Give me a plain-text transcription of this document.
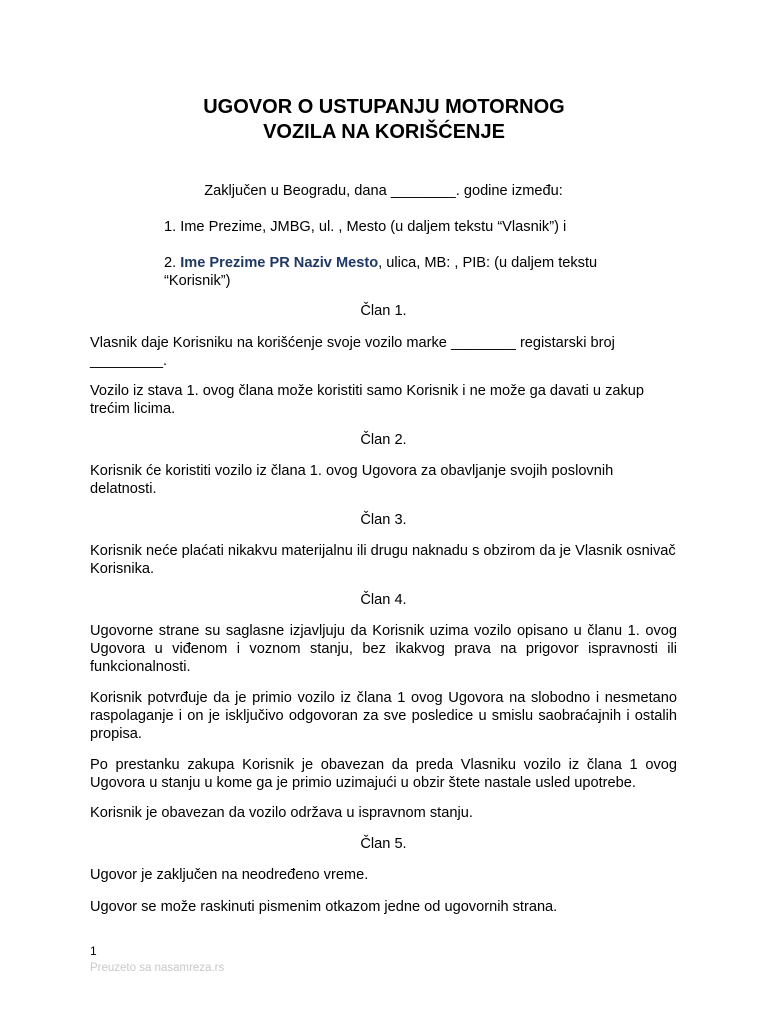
UGOVOR O USTUPANJU MOTORNOG
VOZILA NA KORIŠĆENJE
Zaključen u Beogradu, dana ________. godine između:
1. Ime Prezime, JMBG, ul. , Mesto (u daljem tekstu “Vlasnik”) i
2. Ime Prezime PR Naziv Mesto, ulica, MB: , PIB: (u daljem tekstu “Korisnik”)
Član 1.
Vlasnik daje Korisniku na korišćenje svoje vozilo marke ________ registarski broj _________.
Vozilo iz stava 1. ovog člana može koristiti samo Korisnik i ne može ga davati u zakup trećim licima.
Član 2.
Korisnik će koristiti vozilo iz člana 1. ovog Ugovora za obavljanje svojih poslovnih delatnosti.
Član 3.
Korisnik neće plaćati nikakvu materijalnu ili drugu naknadu s obzirom da je Vlasnik osnivač Korisnika.
Član 4.
Ugovorne strane su saglasne izjavljuju da Korisnik uzima vozilo opisano u članu 1. ovog Ugovora u viđenom i voznom stanju, bez ikakvog prava na prigovor ispravnosti ili funkcionalnosti.
Korisnik potvrđuje da je primio vozilo iz člana 1 ovog Ugovora na slobodno i nesmetano raspolaganje i on je isključivo odgovoran za sve posledice u smislu saobraćajnih i ostalih propisa.
Po prestanku zakupa Korisnik je obavezan da preda Vlasniku vozilo iz člana 1 ovog Ugovora u stanju u kome ga je primio uzimajući u obzir štete nastale usled upotrebe.
Korisnik je obavezan da vozilo održava u ispravnom stanju.
Član 5.
Ugovor je zaključen na neodređeno vreme.
Ugovor se može raskinuti pismenim otkazom jedne od ugovornih strana.
1
Preuzeto sa nasamreza.rs
